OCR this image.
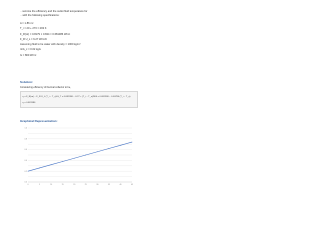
…termine the efficiency and the outlet fluid temperature for
…with the following specifications:
A = 1.86 m²
T_i = 20 + 273 = 293 K
F_R(τα) = 0.8179 × 0.824 = 0.681386 W/m²
F_R U_L = 6.27 W/m²K
Assuming fluid to be water with density = 1000 kg/m³
ṁ/A_c = 0.02 kg/s
G = 800 W/m²
Solution:
Considering efficiency of thermal collector to be,
η = F_R(τα) − F_R U_L (T_i − T_a)/G_T = 0.681386 − 6.27 × (T_i − T_a)/800 = 0.681386 − 0.00784 (T_i − T_a)
η = 0.681386
Graphical Representation:
0	5	10	15	20	25	30	35	40	45
0.0
0.2
0.4
0.6
0.8
1.0
